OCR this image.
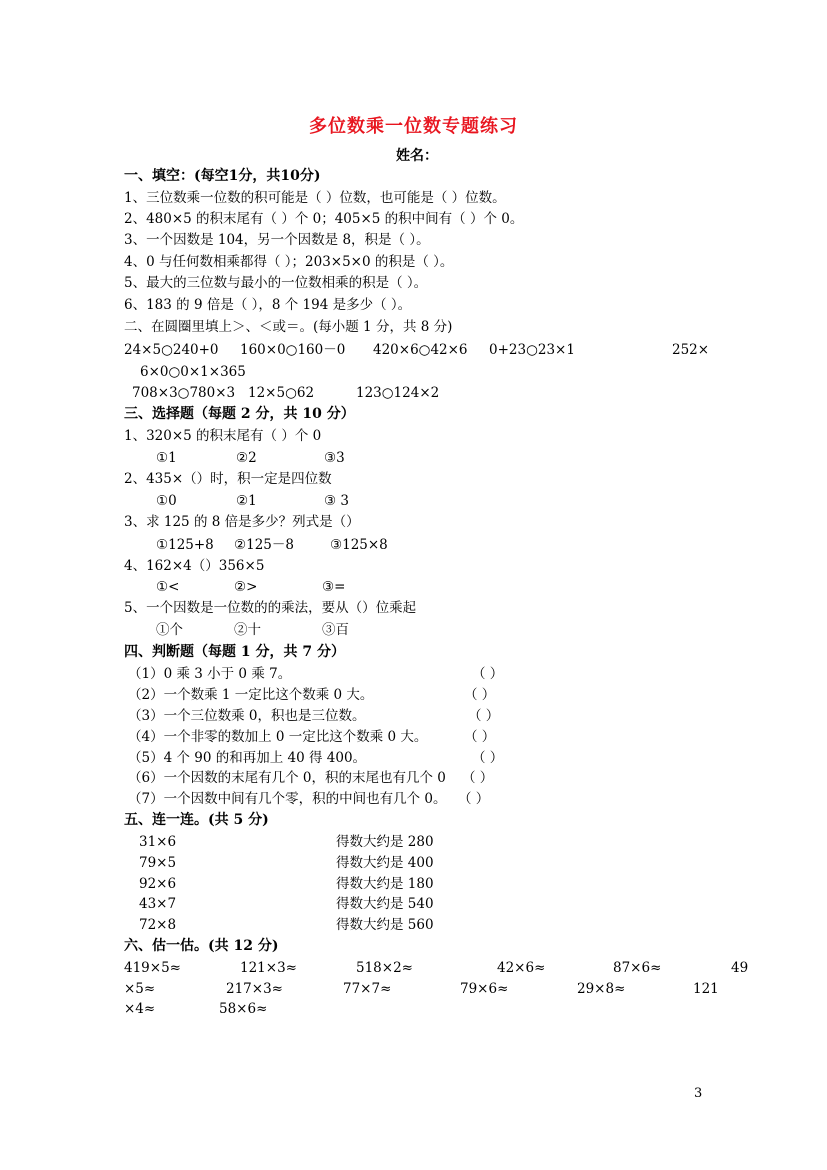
多位数乘一位数专题练习
姓名：
一、填空：(每空1分，共10分)
1、三位数乘一位数的积可能是（ ）位数，也可能是（ ）位数。
2、480×5 的积末尾有（ ）个 0；405×5 的积中间有（ ）个 0。
3、一个因数是 104，另一个因数是 8，积是（ ）。
4、0 与任何数相乘都得（ ）；203×5×0 的积是（ ）。
5、最大的三位数与最小的一位数相乘的积是（ ）。
6、183 的 9 倍是（ ），8 个 194 是多少（ ）。
二、在圆圈里填上＞、＜或＝。(每小题 1 分，共 8 分)
24×5○240+0 160×0○160－0 420×6○42×6 0+23○23×1	252×
6×0○0×1×365
708×3○780×3 12×5○62	123○124×2
三、选择题（每题 2 分，共 10 分）
1、320×5 的积末尾有（ ）个 0
①1	②2	③3
2、435×（）时，积一定是四位数
①0	②1	③ 3
3、求 125 的 8 倍是多少？列式是（）
①125+8 ②125－8	③125×8
4、162×4（）356×5
①<	②>	③=
5、一个因数是一位数的的乘法，要从（）位乘起
①个	②十	③百
四、判断题（每题 1 分，共 7 分）
（1）0 乘 3 小于 0 乘 7。	（ ）
（2）一个数乘 1 一定比这个数乘 0 大。	（ ）
（3）一个三位数乘 0，积也是三位数。	（ ）
（4）一个非零的数加上 0 一定比这个数乘 0 大。	（ ）
（5）4 个 90 的和再加上 40 得 400。	（ ）
（6）一个因数的末尾有几个 0，积的末尾也有几个 0 （ ）
（7）一个因数中间有几个零，积的中间也有几个 0。 （ ）
五、连一连。(共 5 分)
31×6	得数大约是 280
79×5	得数大约是 400
92×6	得数大约是 180
43×7	得数大约是 540
72×8	得数大约是 560
六、估一估。(共 12 分)
419×5≈	121×3≈	518×2≈	42×6≈	87×6≈	49
×5≈	217×3≈	77×7≈	79×6≈	29×8≈	121
×4≈	58×6≈
3
